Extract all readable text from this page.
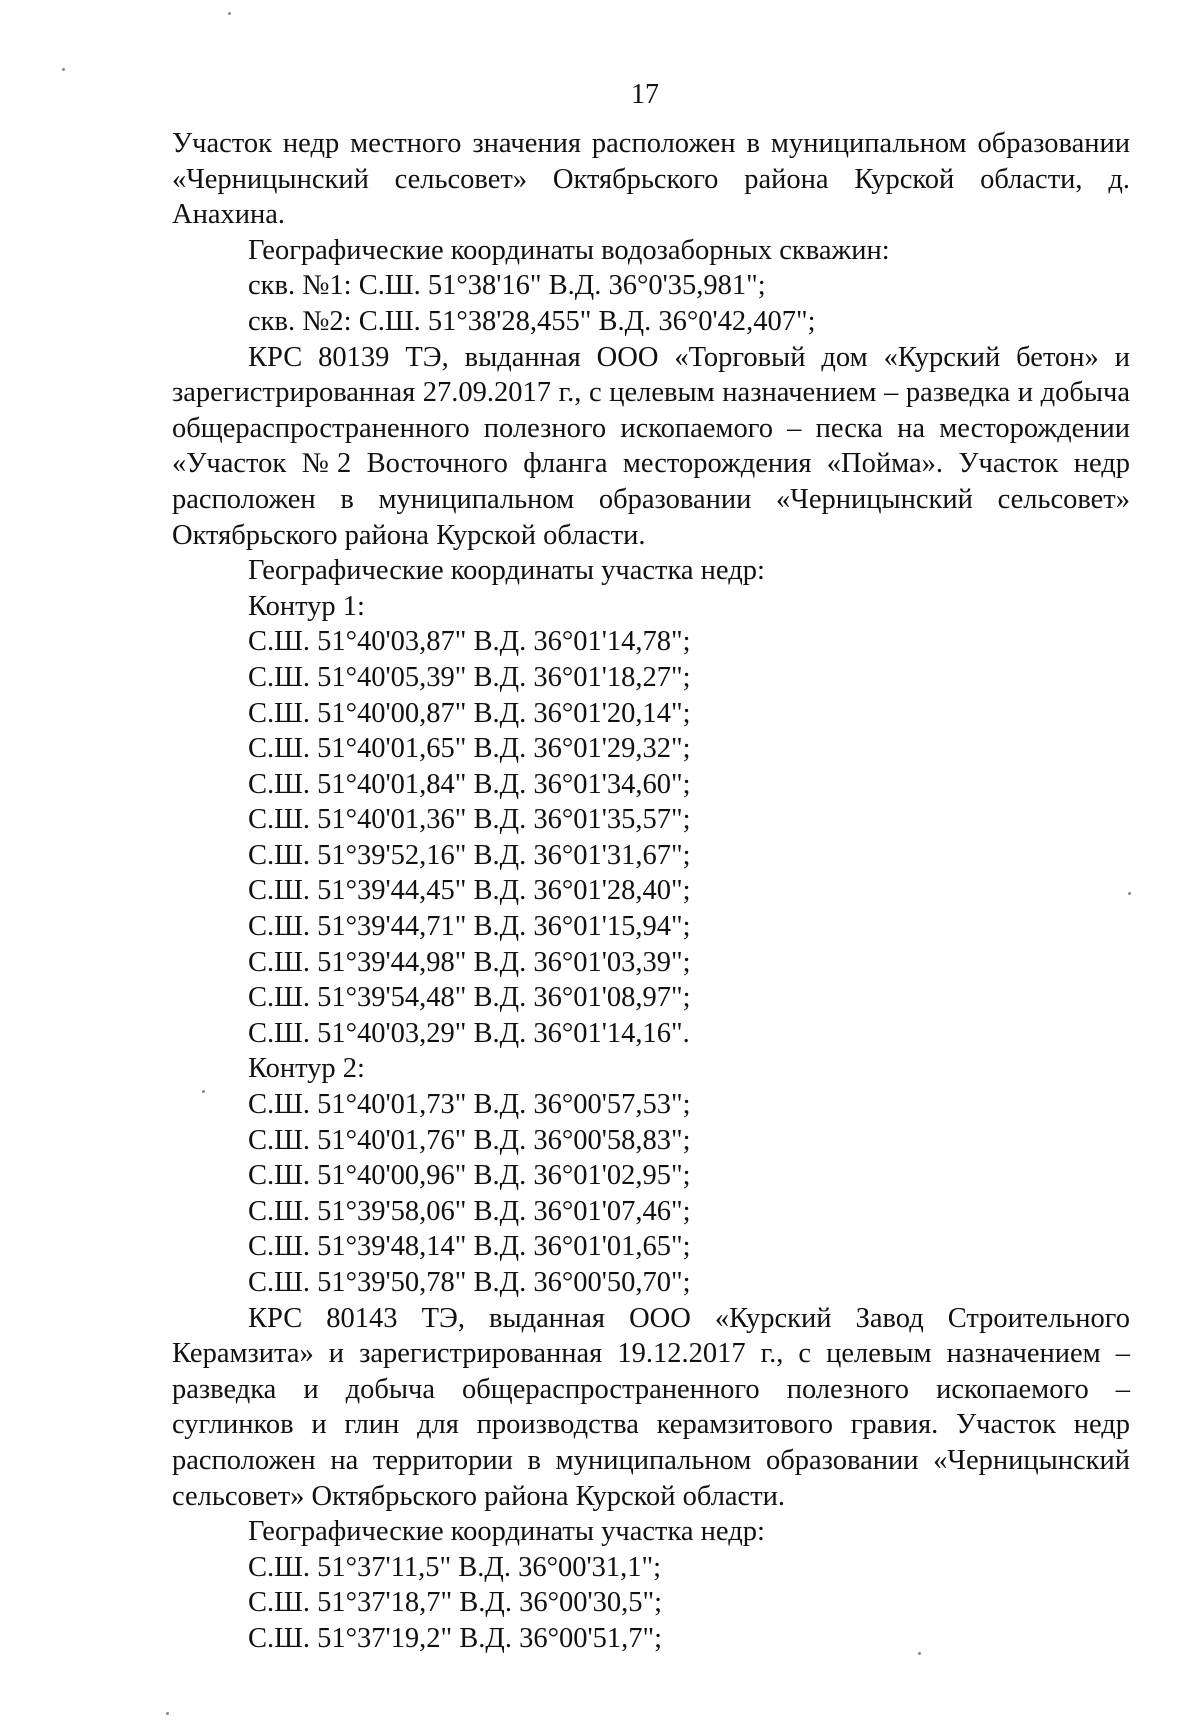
17

Участок недр местного значения расположен в муниципальном образовании «Черницынский сельсовет» Октябрьского района Курской области, д. Анахина.

Географические координаты водозаборных скважин:

скв. №1: С.Ш. 51°38'16" В.Д. 36°0'35,981";
скв. №2: С.Ш. 51°38'28,455" В.Д. 36°0'42,407";

КРС 80139 ТЭ, выданная ООО «Торговый дом «Курский бетон» и зарегистрированная 27.09.2017 г., с целевым назначением – разведка и добыча общераспространенного полезного ископаемого – песка на месторождении «Участок №2 Восточного фланга месторождения «Пойма». Участок недр расположен в муниципальном образовании «Черницынский сельсовет» Октябрьского района Курской области.

Географические координаты участка недр:

Контур 1:

С.Ш. 51°40'03,87" В.Д. 36°01'14,78";
С.Ш. 51°40'05,39" В.Д. 36°01'18,27";
С.Ш. 51°40'00,87" В.Д. 36°01'20,14";
С.Ш. 51°40'01,65" В.Д. 36°01'29,32";
С.Ш. 51°40'01,84" В.Д. 36°01'34,60";
С.Ш. 51°40'01,36" В.Д. 36°01'35,57";
С.Ш. 51°39'52,16" В.Д. 36°01'31,67";
С.Ш. 51°39'44,45" В.Д. 36°01'28,40";
С.Ш. 51°39'44,71" В.Д. 36°01'15,94";
С.Ш. 51°39'44,98" В.Д. 36°01'03,39";
С.Ш. 51°39'54,48" В.Д. 36°01'08,97";
С.Ш. 51°40'03,29" В.Д. 36°01'14,16".

Контур 2:

С.Ш. 51°40'01,73" В.Д. 36°00'57,53";
С.Ш. 51°40'01,76" В.Д. 36°00'58,83";
С.Ш. 51°40'00,96" В.Д. 36°01'02,95";
С.Ш. 51°39'58,06" В.Д. 36°01'07,46";
С.Ш. 51°39'48,14" В.Д. 36°01'01,65";
С.Ш. 51°39'50,78" В.Д. 36°00'50,70";

КРС 80143 ТЭ, выданная ООО «Курский Завод Строительного Керамзита» и зарегистрированная 19.12.2017 г., с целевым назначением – разведка и добыча общераспространенного полезного ископаемого – суглинков и глин для производства керамзитового гравия. Участок недр расположен на территории в муниципальном образовании «Черницынский сельсовет» Октябрьского района Курской области.

Географические координаты участка недр:

С.Ш. 51°37'11,5" В.Д. 36°00'31,1";
С.Ш. 51°37'18,7" В.Д. 36°00'30,5";
С.Ш. 51°37'19,2" В.Д. 36°00'51,7";
